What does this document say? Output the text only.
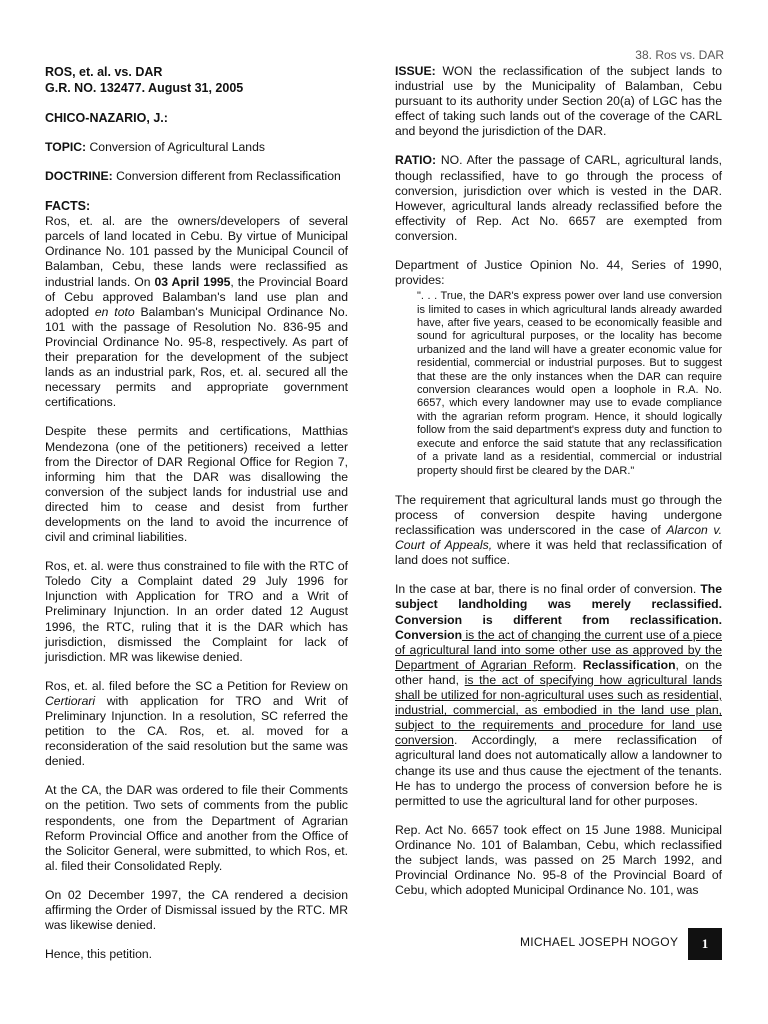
38. Ros vs. DAR
ROS, et. al. vs. DAR
G.R. NO. 132477. August 31, 2005
CHICO-NAZARIO, J.:

TOPIC: Conversion of Agricultural Lands

DOCTRINE: Conversion different from Reclassification

FACTS:

Ros, et. al. are the owners/developers of several parcels of land located in Cebu. By virtue of Municipal Ordinance No. 101 passed by the Municipal Council of Balamban, Cebu, these lands were reclassified as industrial lands. On 03 April 1995, the Provincial Board of Cebu approved Balamban's land use plan and adopted en toto Balamban's Municipal Ordinance No. 101 with the passage of Resolution No. 836-95 and Provincial Ordinance No. 95-8, respectively. As part of their preparation for the development of the subject lands as an industrial park, Ros, et. al. secured all the necessary permits and appropriate government certifications.

Despite these permits and certifications, Matthias Mendezona (one of the petitioners) received a letter from the Director of DAR Regional Office for Region 7, informing him that the DAR was disallowing the conversion of the subject lands for industrial use and directed him to cease and desist from further developments on the land to avoid the incurrence of civil and criminal liabilities.

Ros, et. al. were thus constrained to file with the RTC of Toledo City a Complaint dated 29 July 1996 for Injunction with Application for TRO and a Writ of Preliminary Injunction. In an order dated 12 August 1996, the RTC, ruling that it is the DAR which has jurisdiction, dismissed the Complaint for lack of jurisdiction. MR was likewise denied.

Ros, et. al. filed before the SC a Petition for Review on Certiorari with application for TRO and Writ of Preliminary Injunction. In a resolution, SC referred the petition to the CA. Ros, et. al. moved for a reconsideration of the said resolution but the same was denied.

At the CA, the DAR was ordered to file their Comments on the petition. Two sets of comments from the public respondents, one from the Department of Agrarian Reform Provincial Office and another from the Office of the Solicitor General, were submitted, to which Ros, et. al. filed their Consolidated Reply.

On 02 December 1997, the CA rendered a decision affirming the Order of Dismissal issued by the RTC. MR was likewise denied.

Hence, this petition.

ISSUE: WON the reclassification of the subject lands to industrial use by the Municipality of Balamban, Cebu pursuant to its authority under Section 20(a) of LGC has the effect of taking such lands out of the coverage of the CARL and beyond the jurisdiction of the DAR.

RATIO: NO. After the passage of CARL, agricultural lands, though reclassified, have to go through the process of conversion, jurisdiction over which is vested in the DAR. However, agricultural lands already reclassified before the effectivity of Rep. Act No. 6657 are exempted from conversion.

Department of Justice Opinion No. 44, Series of 1990, provides:

". . . True, the DAR's express power over land use conversion is limited to cases in which agricultural lands already awarded have, after five years, ceased to be economically feasible and sound for agricultural purposes, or the locality has become urbanized and the land will have a greater economic value for residential, commercial or industrial purposes. But to suggest that these are the only instances when the DAR can require conversion clearances would open a loophole in R.A. No. 6657, which every landowner may use to evade compliance with the agrarian reform program. Hence, it should logically follow from the said department's express duty and function to execute and enforce the said statute that any reclassification of a private land as a residential, commercial or industrial property should first be cleared by the DAR."

The requirement that agricultural lands must go through the process of conversion despite having undergone reclassification was underscored in the case of Alarcon v. Court of Appeals, where it was held that reclassification of land does not suffice.

In the case at bar, there is no final order of conversion. The subject landholding was merely reclassified. Conversion is different from reclassification. Conversion is the act of changing the current use of a piece of agricultural land into some other use as approved by the Department of Agrarian Reform. Reclassification, on the other hand, is the act of specifying how agricultural lands shall be utilized for non-agricultural uses such as residential, industrial, commercial, as embodied in the land use plan, subject to the requirements and procedure for land use conversion. Accordingly, a mere reclassification of agricultural land does not automatically allow a landowner to change its use and thus cause the ejectment of the tenants. He has to undergo the process of conversion before he is permitted to use the agricultural land for other purposes.

Rep. Act No. 6657 took effect on 15 June 1988. Municipal Ordinance No. 101 of Balamban, Cebu, which reclassified the subject lands, was passed on 25 March 1992, and Provincial Ordinance No. 95-8 of the Provincial Board of Cebu, which adopted Municipal Ordinance No. 101, was

MICHAEL JOSEPH NOGOY	1
